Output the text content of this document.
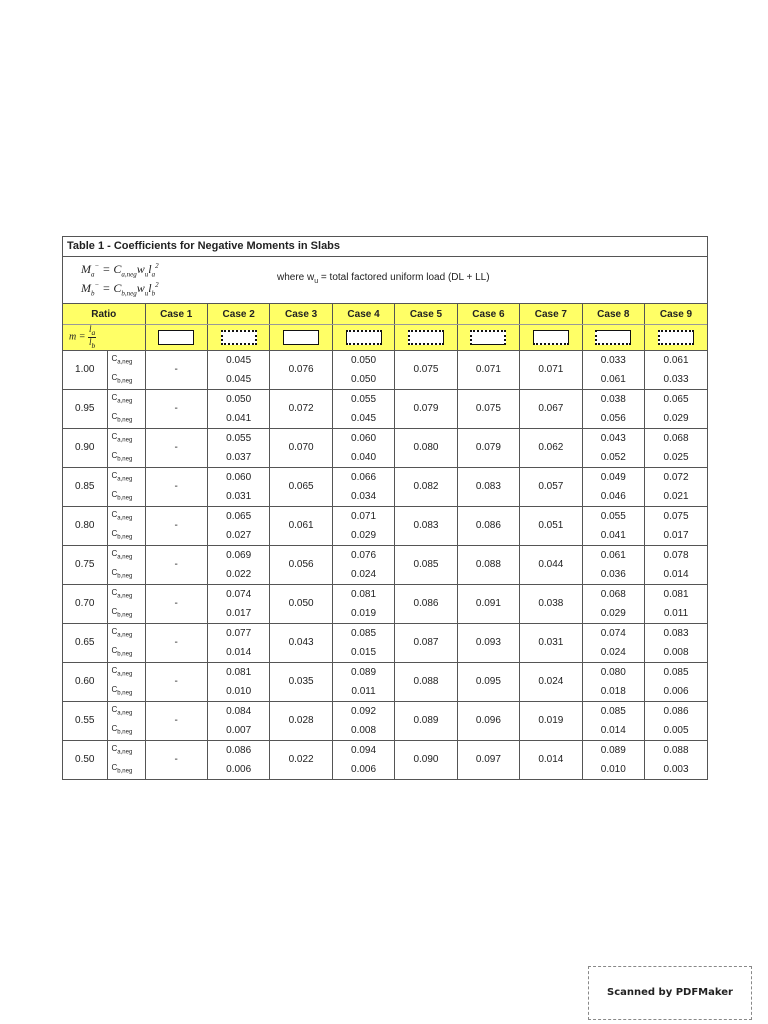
Table 1 - Coefficients for Negative Moments in Slabs
$M_a^- = C_{a,neg}w_ul_a^2$
$M_b^- = C_{b,neg}w_ul_b^2$
where $w_u$ = total factored uniform load (DL + LL)
Ratio		Case 1	Case 2	Case 3	Case 4	Case 5	Case 6	Case 7	Case 8	Case 9
$m = \frac{l_a}{l_b}$

1.00	$C_{a,neg}$	-	0.045	0.076	0.050	0.075	0.071	0.071	0.033	0.061
	$C_{b,neg}$		0.045		0.050				0.061	0.033
0.95	$C_{a,neg}$	-	0.050	0.072	0.055	0.079	0.075	0.067	0.038	0.065
	$C_{b,neg}$		0.041		0.045				0.056	0.029
0.90	$C_{a,neg}$	-	0.055	0.070	0.060	0.080	0.079	0.062	0.043	0.068
	$C_{b,neg}$		0.037		0.040				0.052	0.025
0.85	$C_{a,neg}$	-	0.060	0.065	0.066	0.082	0.083	0.057	0.049	0.072
	$C_{b,neg}$		0.031		0.034				0.046	0.021
0.80	$C_{a,neg}$	-	0.065	0.061	0.071	0.083	0.086	0.051	0.055	0.075
	$C_{b,neg}$		0.027		0.029				0.041	0.017
0.75	$C_{a,neg}$	-	0.069	0.056	0.076	0.085	0.088	0.044	0.061	0.078
	$C_{b,neg}$		0.022		0.024				0.036	0.014
0.70	$C_{a,neg}$	-	0.074	0.050	0.081	0.086	0.091	0.038	0.068	0.081
	$C_{b,neg}$		0.017		0.019				0.029	0.011
0.65	$C_{a,neg}$	-	0.077	0.043	0.085	0.087	0.093	0.031	0.074	0.083
	$C_{b,neg}$		0.014		0.015				0.024	0.008
0.60	$C_{a,neg}$	-	0.081	0.035	0.089	0.088	0.095	0.024	0.080	0.085
	$C_{b,neg}$		0.010		0.011				0.018	0.006
0.55	$C_{a,neg}$	-	0.084	0.028	0.092	0.089	0.096	0.019	0.085	0.086
	$C_{b,neg}$		0.007		0.008				0.014	0.005
0.50	$C_{a,neg}$	-	0.086	0.022	0.094	0.090	0.097	0.014	0.089	0.088
	$C_{b,neg}$		0.006		0.006				0.010	0.003
Scanned by PDFMaker
